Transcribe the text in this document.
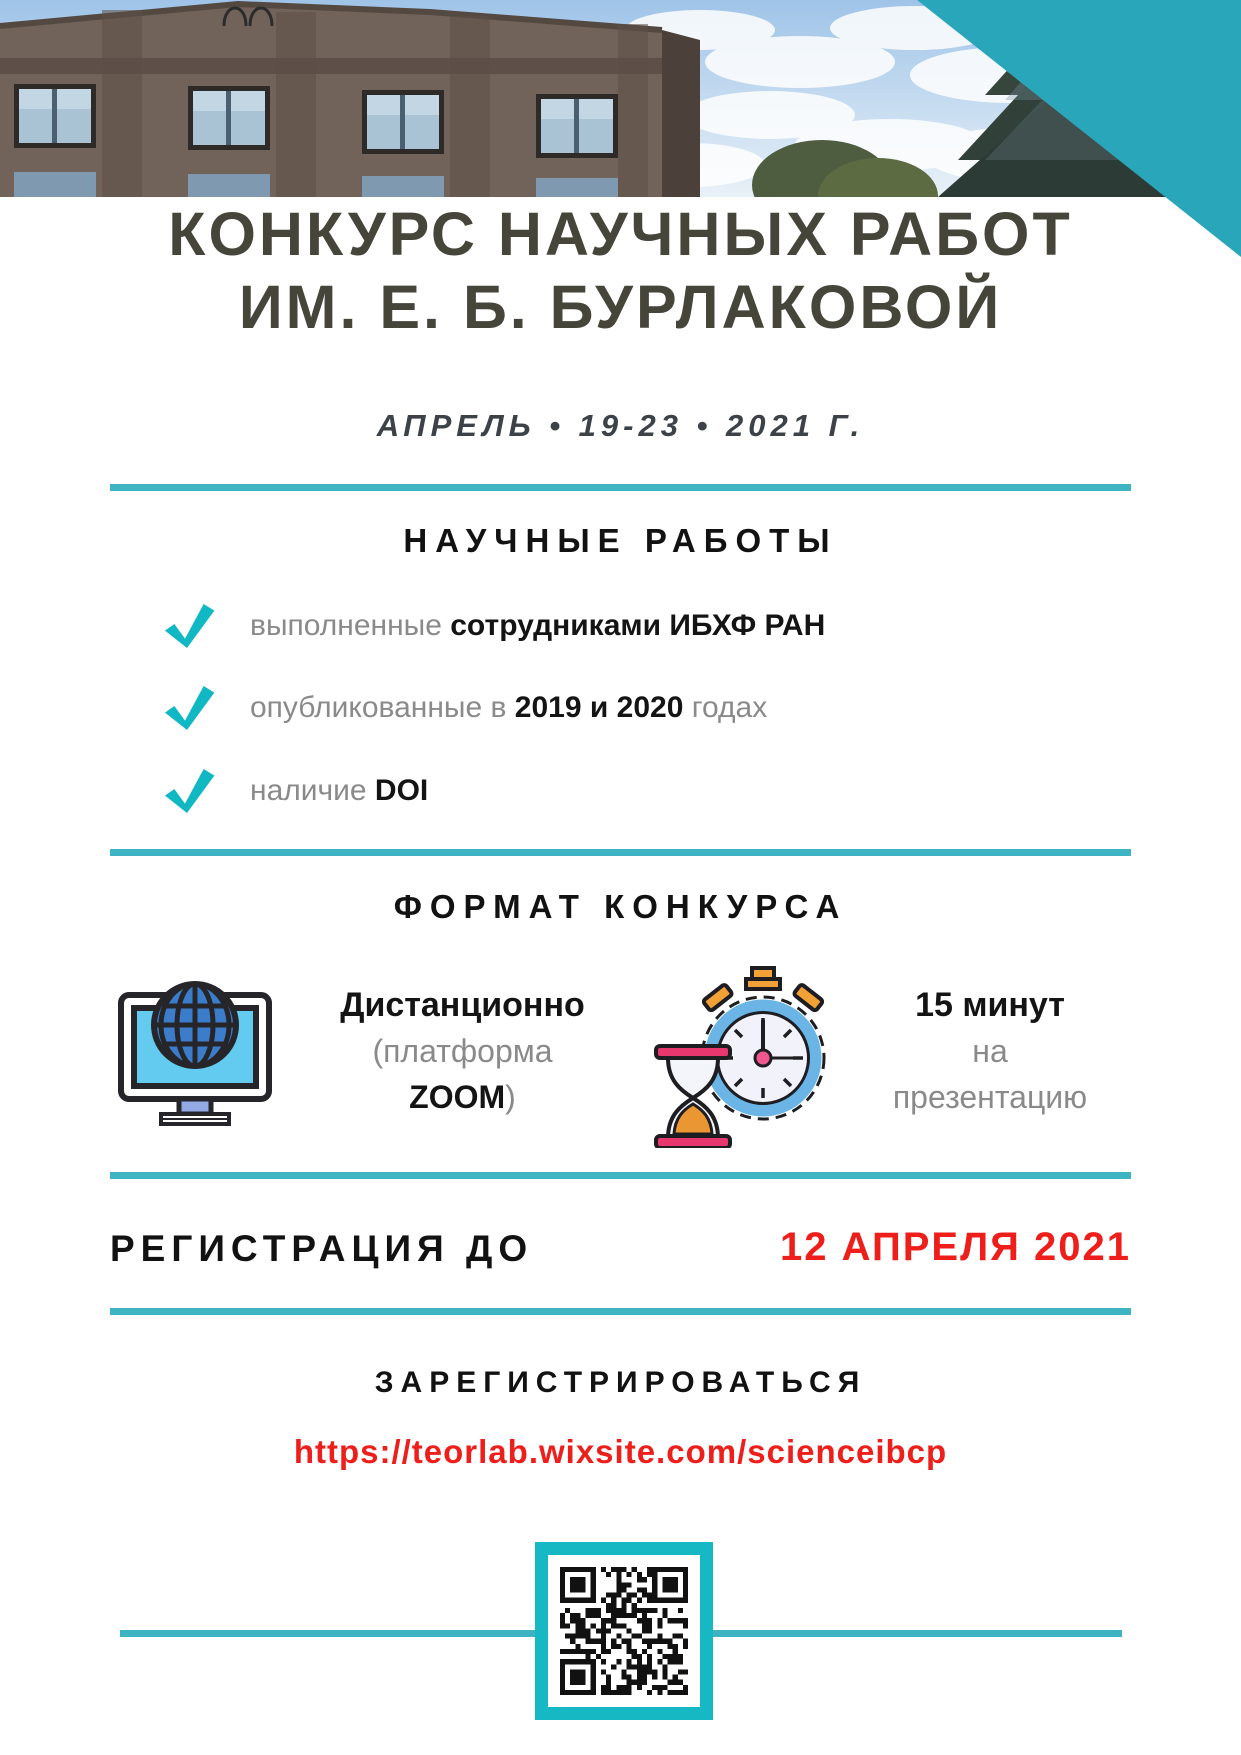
КОНКУРС НАУЧНЫХ РАБОТ
ИМ. Е. Б. БУРЛАКОВОЙ
АПРЕЛЬ • 19-23 • 2021 Г.
НАУЧНЫЕ РАБОТЫ
выполненные сотрудниками ИБХФ РАН
опубликованные в 2019 и 2020 годах
наличие DOI
ФОРМАТ КОНКУРСА
Дистанционно
(платформа
ZOOM)
15 минут
на
презентацию
РЕГИСТРАЦИЯ ДО	12 АПРЕЛЯ 2021
ЗАРЕГИСТРИРОВАТЬСЯ
https://teorlab.wixsite.com/scienceibcp
